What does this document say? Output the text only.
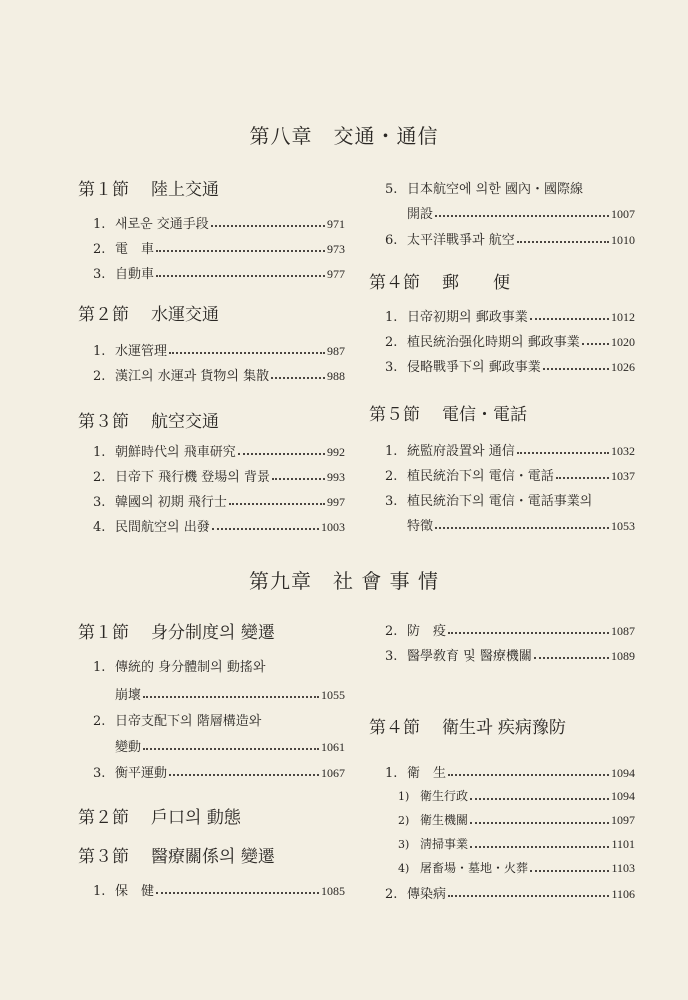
第八章　交通・通信
第１節 陸上交通
1. 새로운 交通手段	971
2. 電　車	973
3. 自動車	977
第２節 水運交通
1. 水運管理	987
2. 漢江의 水運과 貨物의 集散	988
第３節 航空交通
1. 朝鮮時代의 飛車研究	992
2. 日帝下 飛行機 登場의 背景	993
3. 韓國의 初期 飛行士	997
4. 民間航空의 出發	1003
5. 日本航空에 의한 國內・國際線
開設	1007
6. 太平洋戰爭과 航空	1010
第４節 郵　　便
1. 日帝初期의 郵政事業	1012
2. 植民統治强化時期의 郵政事業	1020
3. 侵略戰爭下의 郵政事業	1026
第５節 電信・電話
1. 統監府設置와 通信	1032
2. 植民統治下의 電信・電話	1037
3. 植民統治下의 電信・電話事業의
特徵	1053
第九章　社 會 事 情
第１節 身分制度의 變遷
1. 傳統的 身分體制의 動搖와
崩壞	1055
2. 日帝支配下의 階層構造와
變動	1061
3. 衡平運動	1067
第２節 戶口의 動態
第３節 醫療關係의 變遷
1. 保　健	1085
2. 防　疫	1087
3. 醫學敎育 및 醫療機關	1089
第４節 衛生과 疾病豫防
1. 衛　生	1094
1) 衛生行政	1094
2) 衛生機關	1097
3) 淸掃事業	1101
4) 屠畜場・墓地・火葬	1103
2. 傳染病	1106
